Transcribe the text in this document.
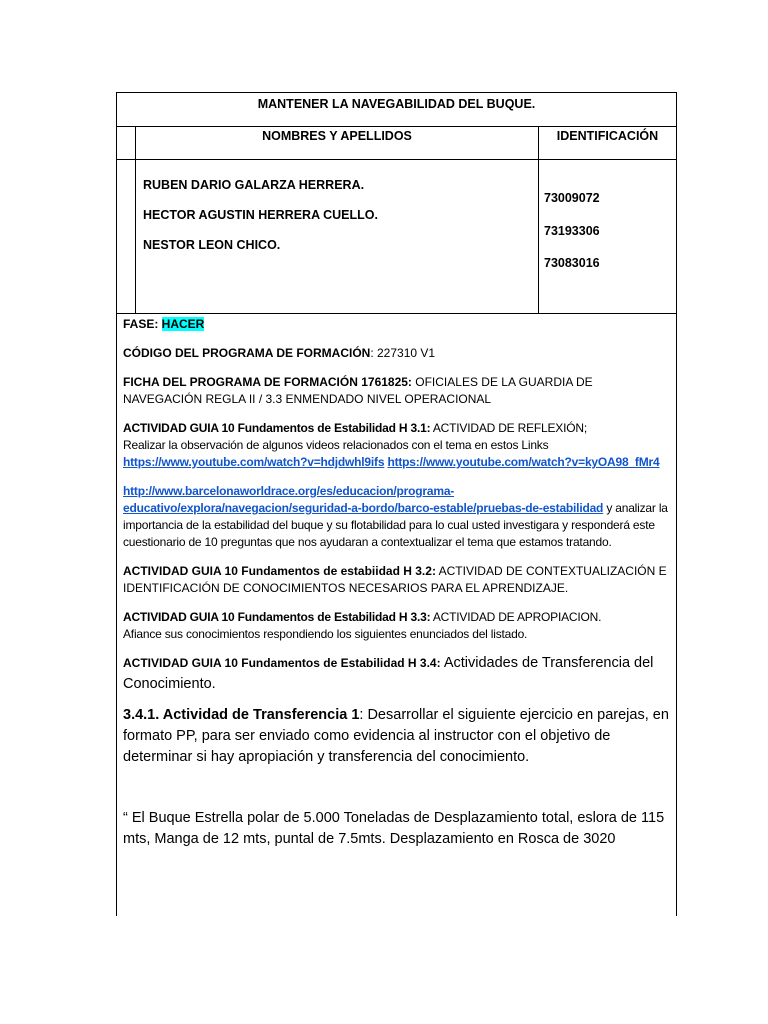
MANTENER LA NAVEGABILIDAD DEL BUQUE.
NOMBRES Y APELLIDOS	IDENTIFICACIÓN
RUBEN DARIO GALARZA HERRERA.
HECTOR AGUSTIN HERRERA CUELLO.
NESTOR LEON CHICO.
73009072
73193306
73083016

FASE: HACER

CÓDIGO DEL PROGRAMA DE FORMACIÓN: 227310 V1

FICHA DEL PROGRAMA DE FORMACIÓN 1761825: OFICIALES DE LA GUARDIA DE NAVEGACIÓN REGLA II / 3.3 ENMENDADO NIVEL OPERACIONAL

ACTIVIDAD GUIA 10 Fundamentos de Estabilidad H 3.1: ACTIVIDAD DE REFLEXIÓN;
Realizar la observación de algunos videos relacionados con el tema en estos Links
https://www.youtube.com/watch?v=hdjdwhl9ifs https://www.youtube.com/watch?v=kyOA98_fMr4

http://www.barcelonaworldrace.org/es/educacion/programa-educativo/explora/navegacion/seguridad-a-bordo/barco-estable/pruebas-de-estabilidad y analizar la importancia de la estabilidad del buque y su flotabilidad para lo cual usted investigara y responderá este cuestionario de 10 preguntas que nos ayudaran a contextualizar el tema que estamos tratando.

ACTIVIDAD GUIA 10 Fundamentos de estabiidad H 3.2: ACTIVIDAD DE CONTEXTUALIZACIÓN E IDENTIFICACIÓN DE CONOCIMIENTOS NECESARIOS PARA EL APRENDIZAJE.

ACTIVIDAD GUIA 10 Fundamentos de Estabilidad H 3.3: ACTIVIDAD DE APROPIACION.
Afiance sus conocimientos respondiendo los siguientes enunciados del listado.

ACTIVIDAD GUIA 10 Fundamentos de Estabilidad H 3.4: Actividades de Transferencia del Conocimiento.

3.4.1. Actividad de Transferencia 1: Desarrollar el siguiente ejercicio en parejas, en formato PP, para ser enviado como evidencia al instructor con el objetivo de determinar si hay apropiación y transferencia del conocimiento.

“ El Buque Estrella polar de 5.000 Toneladas de Desplazamiento total, eslora de 115 mts, Manga de 12 mts, puntal de 7.5mts. Desplazamiento en Rosca de 3020
